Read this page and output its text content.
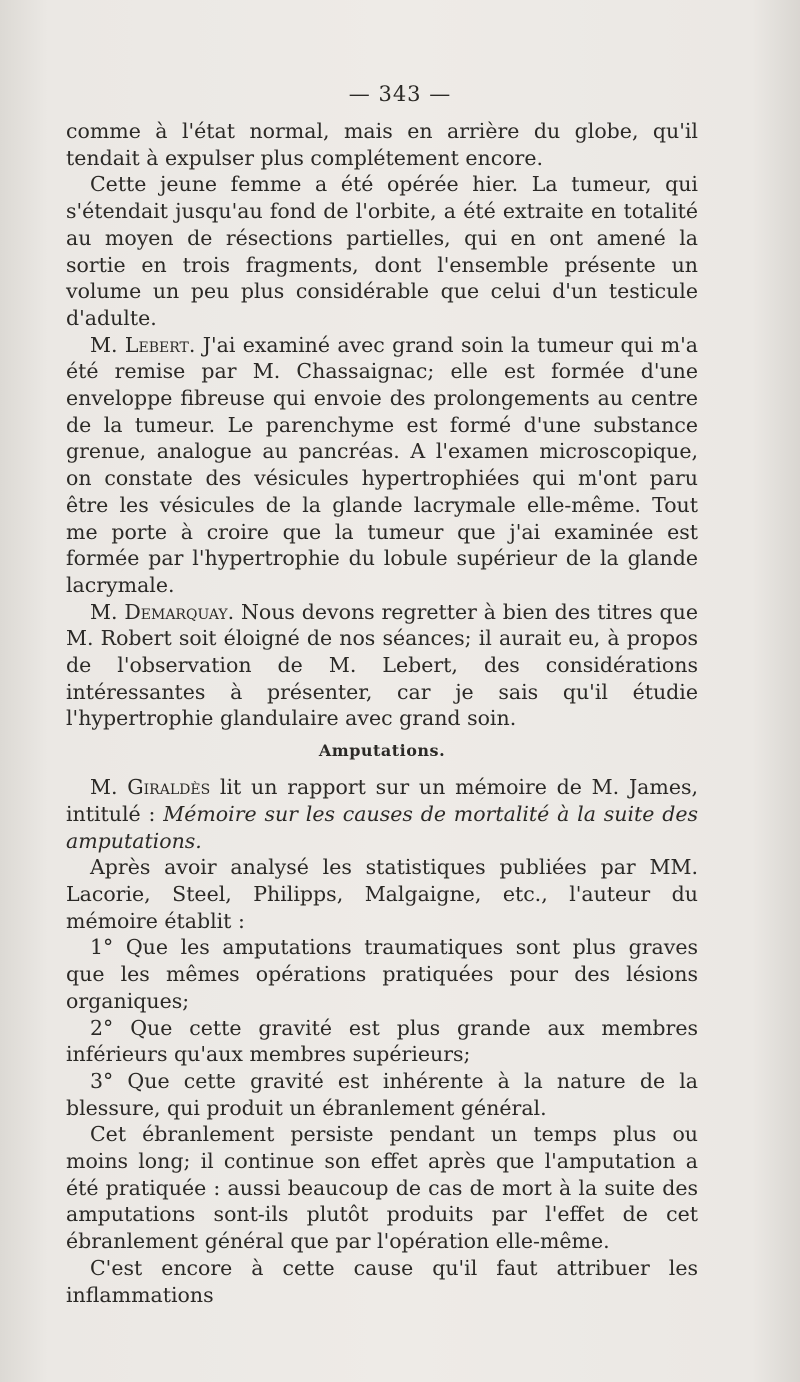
— 343 —

comme à l'état normal, mais en arrière du globe, qu'il tendait à expulser plus complétement encore.

Cette jeune femme a été opérée hier. La tumeur, qui s'étendait jusqu'au fond de l'orbite, a été extraite en totalité au moyen de résections partielles, qui en ont amené la sortie en trois fragments, dont l'ensemble présente un volume un peu plus considérable que celui d'un testicule d'adulte.

M. Lebert. J'ai examiné avec grand soin la tumeur qui m'a été remise par M. Chassaignac; elle est formée d'une enveloppe fibreuse qui envoie des prolongements au centre de la tumeur. Le parenchyme est formé d'une substance grenue, analogue au pancréas. A l'examen microscopique, on constate des vésicules hypertrophiées qui m'ont paru être les vésicules de la glande lacrymale elle-même. Tout me porte à croire que la tumeur que j'ai examinée est formée par l'hypertrophie du lobule supérieur de la glande lacrymale.

M. Demarquay. Nous devons regretter à bien des titres que M. Robert soit éloigné de nos séances; il aurait eu, à propos de l'observation de M. Lebert, des considérations intéressantes à présenter, car je sais qu'il étudie l'hypertrophie glandulaire avec grand soin.

Amputations.

M. Giraldès lit un rapport sur un mémoire de M. James, intitulé : Mémoire sur les causes de mortalité à la suite des amputations.

Après avoir analysé les statistiques publiées par MM. Lacorie, Steel, Philipps, Malgaigne, etc., l'auteur du mémoire établit :

1° Que les amputations traumatiques sont plus graves que les mêmes opérations pratiquées pour des lésions organiques;

2° Que cette gravité est plus grande aux membres inférieurs qu'aux membres supérieurs;

3° Que cette gravité est inhérente à la nature de la blessure, qui produit un ébranlement général.

Cet ébranlement persiste pendant un temps plus ou moins long; il continue son effet après que l'amputation a été pratiquée : aussi beaucoup de cas de mort à la suite des amputations sont-ils plutôt produits par l'effet de cet ébranlement général que par l'opération elle-même.

C'est encore à cette cause qu'il faut attribuer les inflammations
